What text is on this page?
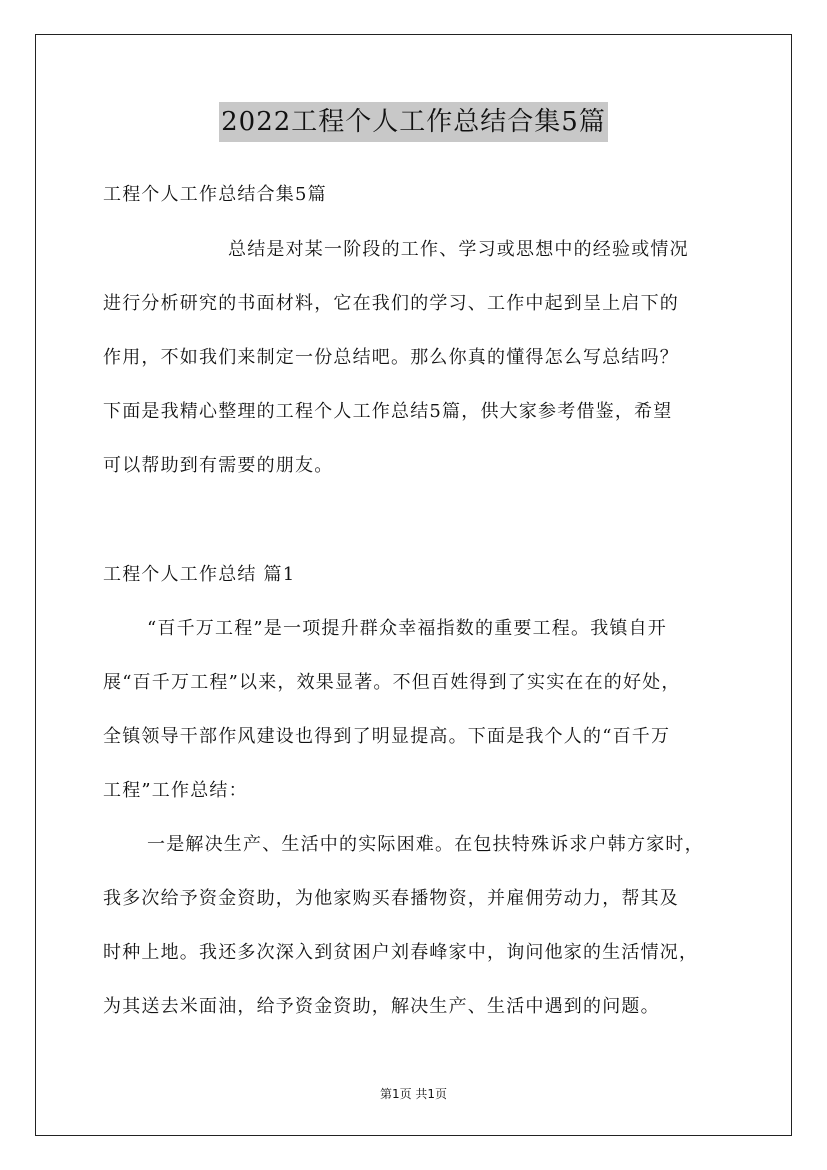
2022工程个人工作总结合集5篇
工程个人工作总结合集5篇
总结是对某一阶段的工作、学习或思想中的经验或情况
进行分析研究的书面材料，它在我们的学习、工作中起到呈上启下的
作用，不如我们来制定一份总结吧。那么你真的懂得怎么写总结吗？
下面是我精心整理的工程个人工作总结5篇，供大家参考借鉴，希望
可以帮助到有需要的朋友。
工程个人工作总结 篇1
“百千万工程”是一项提升群众幸福指数的重要工程。我镇自开
展“百千万工程”以来，效果显著。不但百姓得到了实实在在的好处，
全镇领导干部作风建设也得到了明显提高。下面是我个人的“百千万
工程”工作总结：
一是解决生产、生活中的实际困难。在包扶特殊诉求户韩方家时，
我多次给予资金资助，为他家购买春播物资，并雇佣劳动力，帮其及
时种上地。我还多次深入到贫困户刘春峰家中，询问他家的生活情况，
为其送去米面油，给予资金资助，解决生产、生活中遇到的问题。
第1页 共1页
